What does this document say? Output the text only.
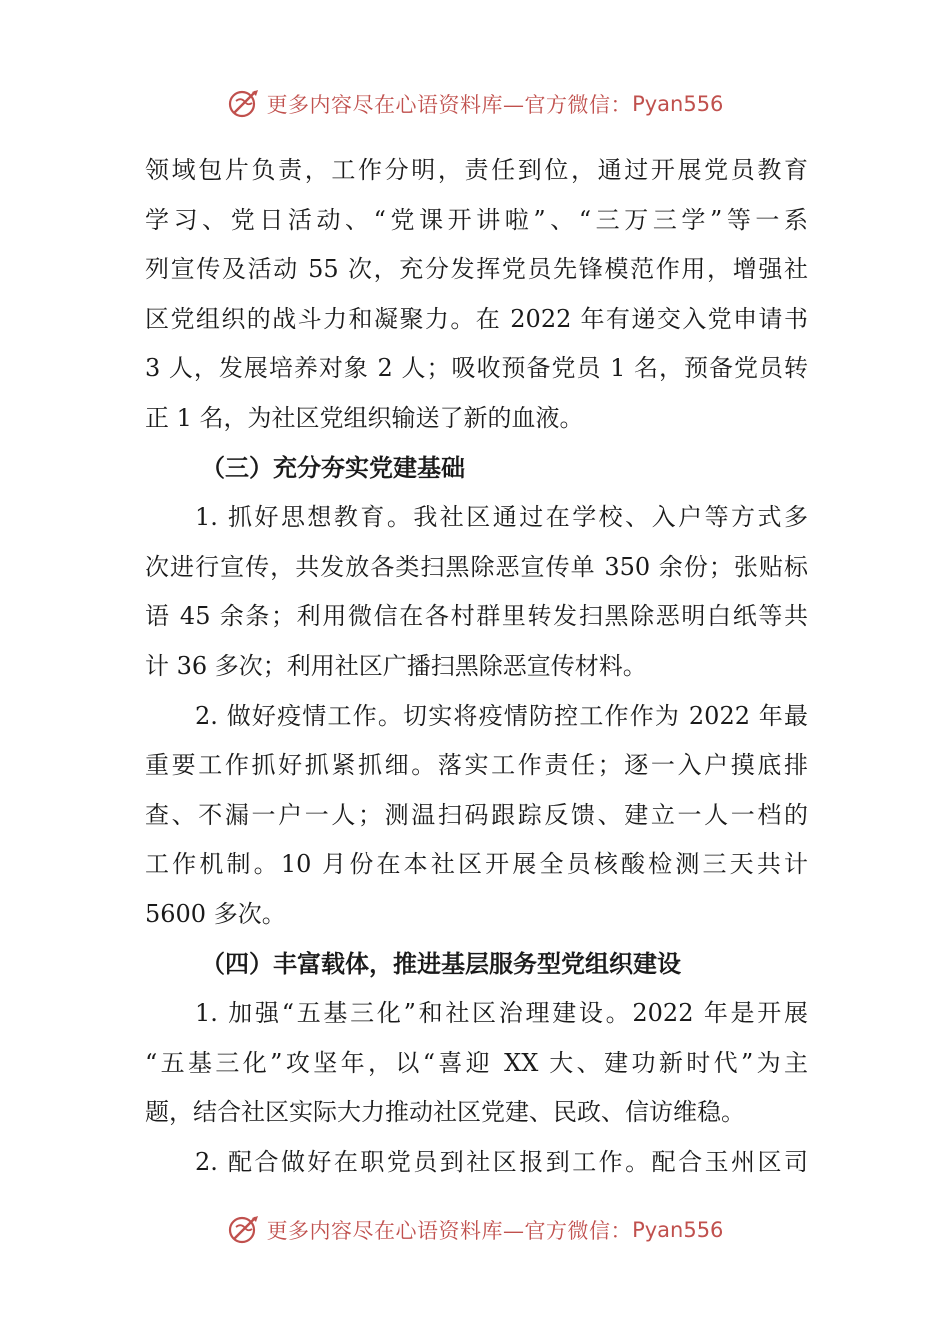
更多内容尽在心语资料库—官方微信： Pyan556
领域包片负责，工作分明，责任到位，通过开展党员教育
学习、党日活动、“党课开讲啦”、“三万三学”等一系
列宣传及活动 55 次，充分发挥党员先锋模范作用，增强社
区党组织的战斗力和凝聚力。在 2022 年有递交入党申请书
3 人，发展培养对象 2 人；吸收预备党员 1 名，预备党员转
正 1 名，为社区党组织输送了新的血液。
（三）充分夯实党建基础
1. 抓好思想教育。我社区通过在学校、入户等方式多
次进行宣传，共发放各类扫黑除恶宣传单 350 余份；张贴标
语 45 余条；利用微信在各村群里转发扫黑除恶明白纸等共
计 36 多次；利用社区广播扫黑除恶宣传材料。
2. 做好疫情工作。切实将疫情防控工作作为 2022 年最
重要工作抓好抓紧抓细。落实工作责任；逐一入户摸底排
查、不漏一户一人；测温扫码跟踪反馈、建立一人一档的
工作机制。10 月份在本社区开展全员核酸检测三天共计
5600 多次。
（四）丰富载体，推进基层服务型党组织建设
1. 加强“五基三化”和社区治理建设。2022 年是开展
“五基三化”攻坚年，以“喜迎 XX 大、建功新时代”为主
题，结合社区实际大力推动社区党建、民政、信访维稳。
2. 配合做好在职党员到社区报到工作。配合玉州区司
更多内容尽在心语资料库—官方微信： Pyan556
